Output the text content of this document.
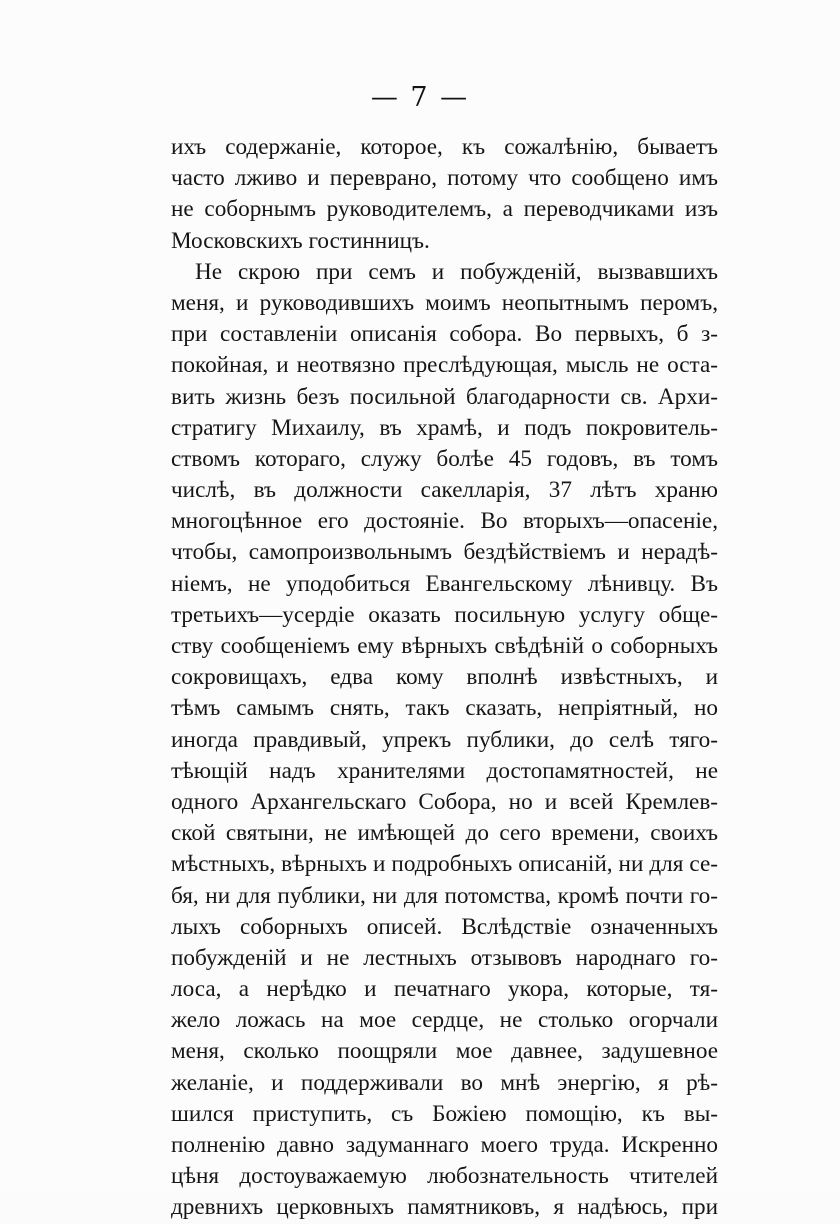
— 7 —
ихъ содержаніе, которое, къ сожалѣнію, бываетъ
часто лживо и переврано, потому что сообщено имъ
не соборнымъ руководителемъ, а переводчиками изъ
Московскихъ гостинницъ.
Не скрою при семъ и побужденій, вызвавшихъ
меня, и руководившихъ моимъ неопытнымъ перомъ,
при составленіи описанія собора. Во первыхъ, б з-
покойная, и неотвязно преслѣдующая, мысль не оста-
вить жизнь безъ посильной благодарности св. Архи-
стратигу Михаилу, въ храмѣ, и подъ покровитель-
ствомъ котораго, служу болѣе 45 годовъ, въ томъ
числѣ, въ должности сакелларія, 37 лѣтъ храню
многоцѣнное его достояніе. Во вторыхъ—опасеніе,
чтобы, самопроизвольнымъ бездѣйствіемъ и нерадѣ-
ніемъ, не уподобиться Евангельскому лѣнивцу. Въ
третьихъ—усердіе оказать посильную услугу обще-
ству сообщеніемъ ему вѣрныхъ свѣдѣній о соборныхъ
сокровищахъ, едва кому вполнѣ извѣстныхъ, и
тѣмъ самымъ снять, такъ сказать, непріятный, но
иногда правдивый, упрекъ публики, до селѣ тяго-
тѣющій надъ хранителями достопамятностей, не
одного Архангельскаго Собора, но и всей Кремлев-
ской святыни, не имѣющей до сего времени, своихъ
мѣстныхъ, вѣрныхъ и подробныхъ описаній, ни для се-
бя, ни для публики, ни для потомства, кромѣ почти го-
лыхъ соборныхъ описей. Вслѣдствіе означенныхъ
побужденій и не лестныхъ отзывовъ народнаго го-
лоса, а нерѣдко и печатнаго укора, которые, тя-
жело ложась на мое сердце, не столько огорчали
меня, сколько поощряли мое давнее, задушевное
желаніе, и поддерживали во мнѣ энергію, я рѣ-
шился приступить, съ Божіею помощію, къ вы-
полненію давно задуманнаго моего труда. Искренно
цѣня достоуважаемую любознательность чтителей
древнихъ церковныхъ памятниковъ, я надѣюсь, при
